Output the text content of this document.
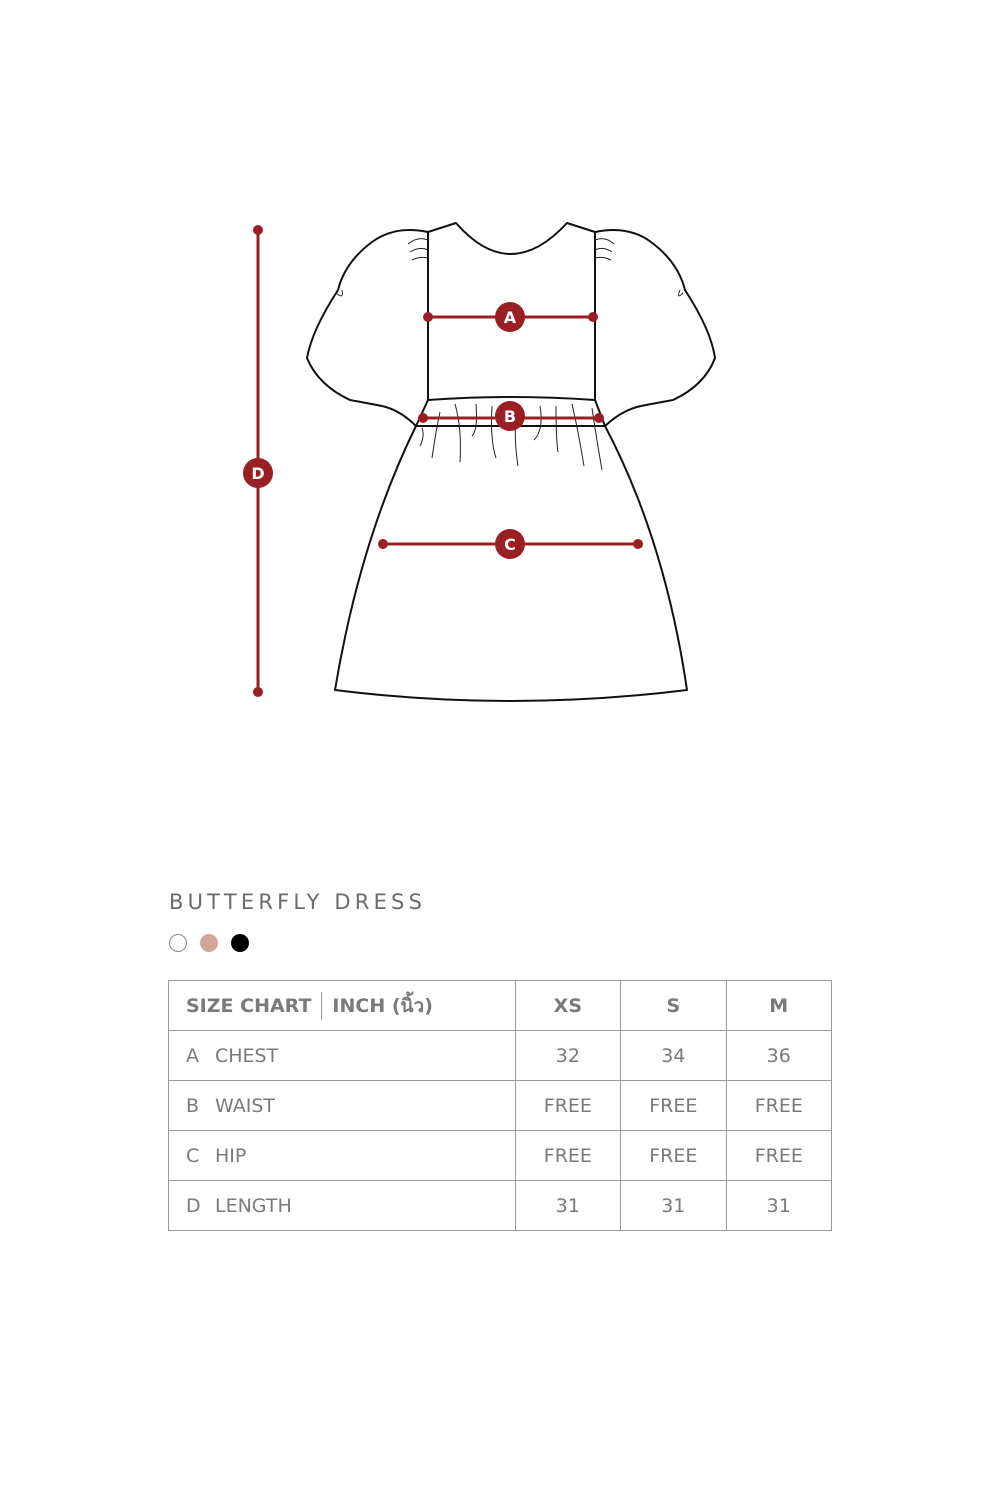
A
B
C
D
BUTTERFLY DRESS
SIZE CHART INCH (นิ้ว)	XS	S	M
A CHEST	32	34	36
B WAIST	FREE	FREE	FREE
C HIP	FREE	FREE	FREE
D LENGTH	31	31	31
